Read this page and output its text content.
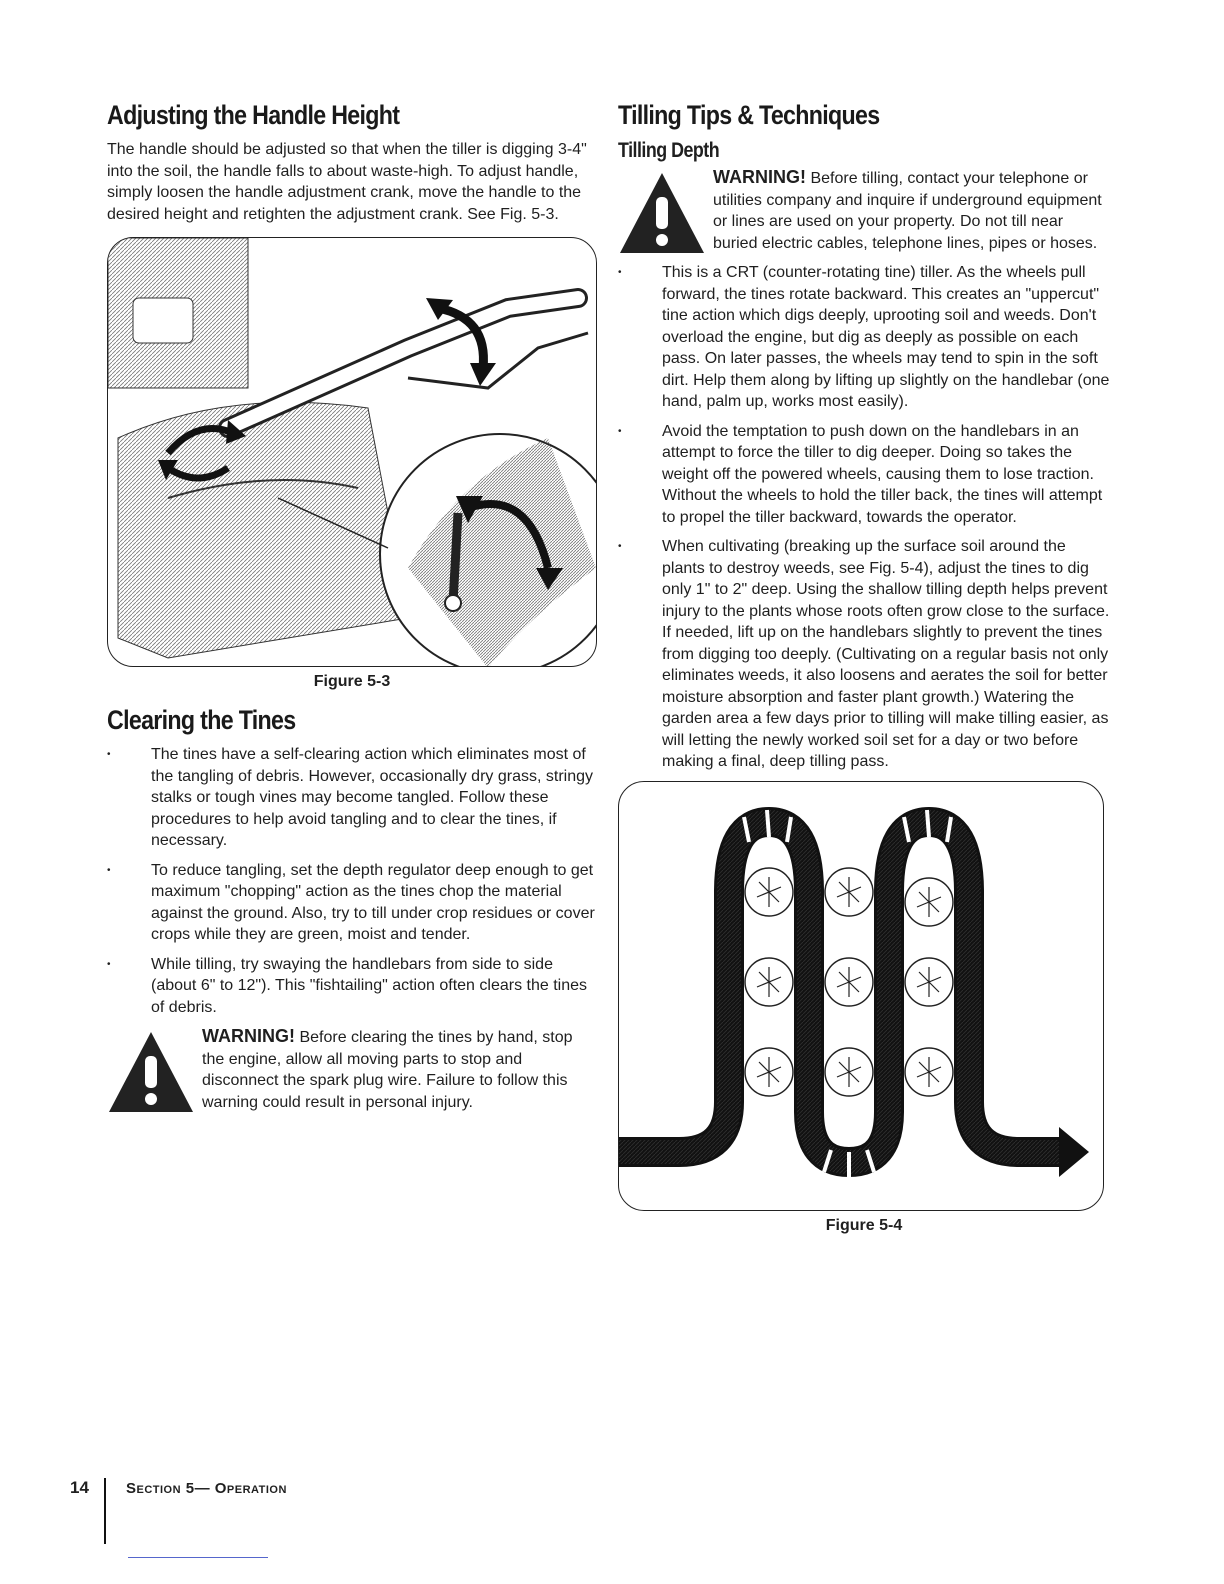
Adjusting the Handle Height

The handle should be adjusted so that when the tiller is digging 3-4" into the soil, the handle falls to about waste-high. To adjust handle, simply loosen the handle adjustment crank, move the handle to the desired height and retighten the adjustment crank. See Fig. 5-3.

Figure 5-3
Clearing the Tines
• The tines have a self-clearing action which eliminates most of the tangling of debris. However, occasionally dry grass, stringy stalks or tough vines may become tangled. Follow these procedures to help avoid tangling and to clear the tines, if necessary.
• To reduce tangling, set the depth regulator deep enough to get maximum "chopping" action as the tines chop the material against the ground. Also, try to till under crop residues or cover crops while they are green, moist and tender.
• While tilling, try swaying the handlebars from side to side (about 6" to 12"). This "fishtailing" action often clears the tines of debris.
WARNING! Before clearing the tines by hand, stop the engine, allow all moving parts to stop and disconnect the spark plug wire. Failure to follow this warning could result in personal injury.
Tilling Tips & Techniques
Tilling Depth
WARNING! Before tilling, contact your telephone or utilities company and inquire if underground equipment or lines are used on your property. Do not till near buried electric cables, telephone lines, pipes or hoses.
• This is a CRT (counter-rotating tine) tiller. As the wheels pull forward, the tines rotate backward. This creates an "uppercut" tine action which digs deeply, uprooting soil and weeds. Don't overload the engine, but dig as deeply as possible on each pass. On later passes, the wheels may tend to spin in the soft dirt. Help them along by lifting up slightly on the handlebar (one hand, palm up, works most easily).
• Avoid the temptation to push down on the handlebars in an attempt to force the tiller to dig deeper. Doing so takes the weight off the powered wheels, causing them to lose traction. Without the wheels to hold the tiller back, the tines will attempt to propel the tiller backward, towards the operator.
• When cultivating (breaking up the surface soil around the plants to destroy weeds, see Fig. 5-4), adjust the tines to dig only 1" to 2" deep. Using the shallow tilling depth helps prevent injury to the plants whose roots often grow close to the surface. If needed, lift up on the handlebars slightly to prevent the tines from digging too deeply. (Cultivating on a regular basis not only eliminates weeds, it also loosens and aerates the soil for better moisture absorption and faster plant growth.) Watering the garden area a few days prior to tilling will make tilling easier, as will letting the newly worked soil set for a day or two before making a final, deep tilling pass.
Figure 5-4
14	Section 5— Operation
